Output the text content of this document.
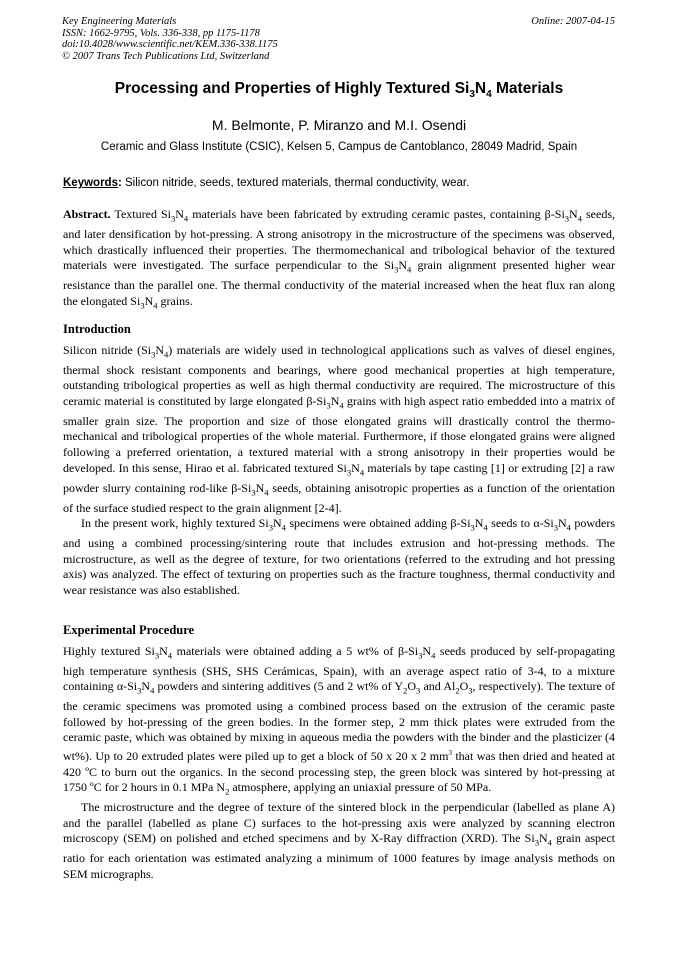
Key Engineering Materials
ISSN: 1662-9795, Vols. 336-338, pp 1175-1178
doi:10.4028/www.scientific.net/KEM.336-338.1175
© 2007 Trans Tech Publications Ltd, Switzerland
Online: 2007-04-15
Processing and Properties of Highly Textured $Si_3N_4$ Materials
M. Belmonte, P. Miranzo and M.I. Osendi
Ceramic and Glass Institute (CSIC), Kelsen 5, Campus de Cantoblanco, 28049 Madrid, Spain
Keywords: Silicon nitride, seeds, textured materials, thermal conductivity, wear.

Abstract. Textured $Si_3N_4$ materials have been fabricated by extruding ceramic pastes, containing $\beta-Si_3N_4$ seeds, and later densification by hot-pressing. A strong anisotropy in the microstructure of the specimens was observed, which drastically influenced their properties. The thermomechanical and tribological behavior of the textured materials were investigated. The surface perpendicular to the $Si_3N_4$ grain alignment presented higher wear resistance than the parallel one. The thermal conductivity of the material increased when the heat flux ran along the elongated $Si_3N_4$ grains.

Introduction

Silicon nitride $(Si_3N_4)$ materials are widely used in technological applications such as valves of diesel engines, thermal shock resistant components and bearings, where good mechanical properties at high temperature, outstanding tribological properties as well as high thermal conductivity are required. The microstructure of this ceramic material is constituted by large elongated $\beta-Si_3N_4$ grains with high aspect ratio embedded into a matrix of smaller grain size. The proportion and size of those elongated grains will drastically control the thermo-mechanical and tribological properties of the whole material. Furthermore, if those elongated grains were aligned following a preferred orientation, a textured material with a strong anisotropy in their properties would be developed. In this sense, Hirao et al. fabricated textured $Si_3N_4$ materials by tape casting [1] or extruding [2] a raw powder slurry containing rod-like $\beta-Si_3N_4$ seeds, obtaining anisotropic properties as a function of the orientation of the surface studied respect to the grain alignment [2-4].

In the present work, highly textured $Si_3N_4$ specimens were obtained adding $\beta-Si_3N_4$ seeds to $\alpha-Si_3N_4$ powders and using a combined processing/sintering route that includes extrusion and hot-pressing methods. The microstructure, as well as the degree of texture, for two orientations (referred to the extruding and hot pressing axis) was analyzed. The effect of texturing on properties such as the fracture toughness, thermal conductivity and wear resistance was also established.

Experimental Procedure

Highly textured $Si_3N_4$ materials were obtained adding a 5 wt% of $\beta-Si_3N_4$ seeds produced by self-propagating high temperature synthesis (SHS, SHS Cerámicas, Spain), with an average aspect ratio of 3-4, to a mixture containing $\alpha-Si_3N_4$ powders and sintering additives (5 and 2 wt% of $Y_2O_3$ and $Al_2O_3$, respectively). The texture of the ceramic specimens was promoted using a combined process based on the extrusion of the ceramic paste followed by hot-pressing of the green bodies. In the former step, 2 mm thick plates were extruded from the ceramic paste, which was obtained by mixing in aqueous media the powders with the binder and the plasticizer (4 wt%). Up to 20 extruded plates were piled up to get a block of 50 x 20 x 2 $mm^3$ that was then dried and heated at 420 ºC to burn out the organics. In the second processing step, the green block was sintered by hot-pressing at 1750 ºC for 2 hours in 0.1 MPa $N_2$ atmosphere, applying an uniaxial pressure of 50 MPa.

The microstructure and the degree of texture of the sintered block in the perpendicular (labelled as plane A) and the parallel (labelled as plane C) surfaces to the hot-pressing axis were analyzed by scanning electron microscopy (SEM) on polished and etched specimens and by X-Ray diffraction (XRD). The $Si_3N_4$ grain aspect ratio for each orientation was estimated analyzing a minimum of 1000 features by image analysis methods on SEM micrographs.
